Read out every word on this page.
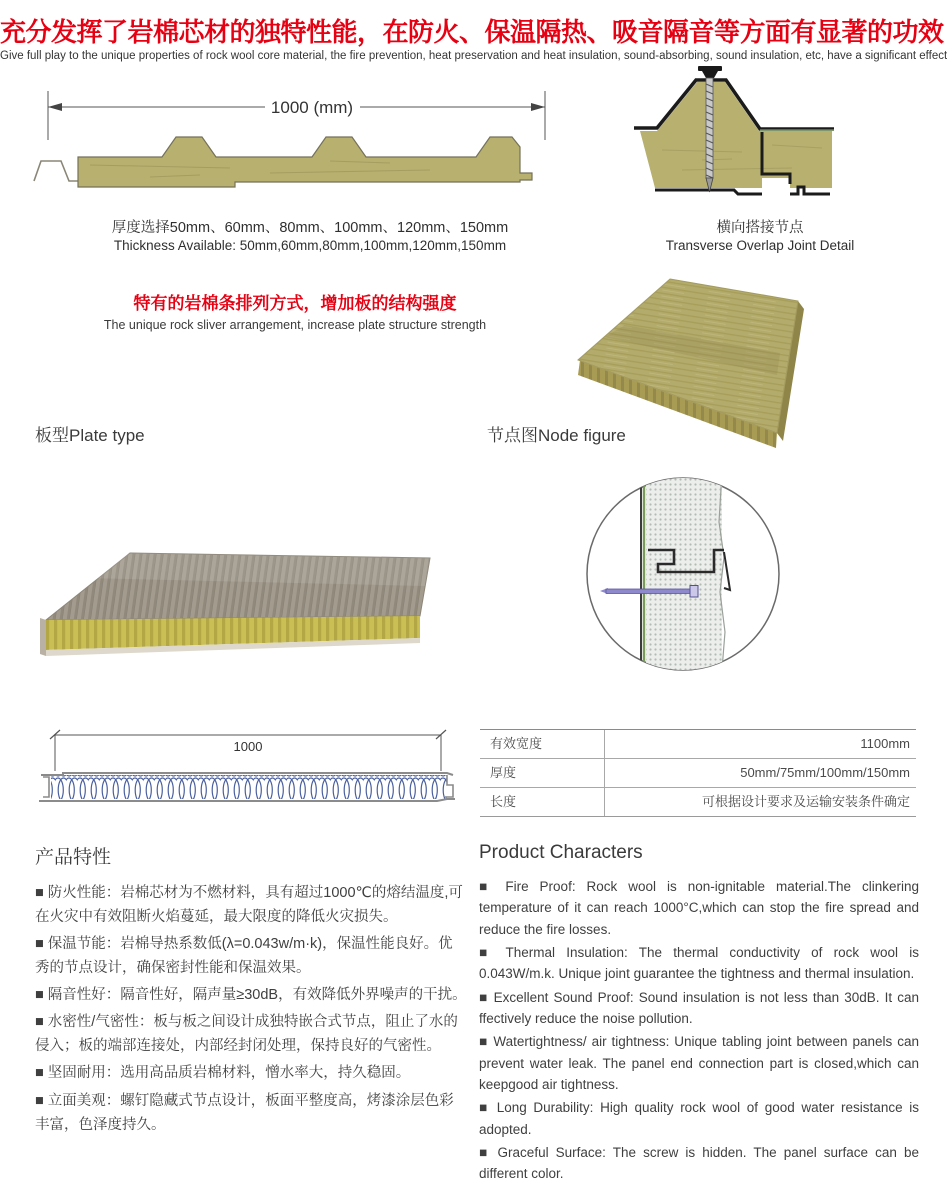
充分发挥了岩棉芯材的独特性能，在防火、保温隔热、吸音隔音等方面有显著的功效
Give full play to the unique properties of rock wool core material, the fire prevention, heat preservation and heat insulation, sound-absorbing, sound insulation, etc, have a significant effect
1000 (mm)
厚度选择50mm、60mm、80mm、100mm、120mm、150mm
Thickness Available: 50mm,60mm,80mm,100mm,120mm,150mm
横向搭接节点
Transverse Overlap Joint Detail
特有的岩棉条排列方式，增加板的结构强度
The unique rock sliver arrangement, increase plate structure strength
板型Plate type	节点图Node figure
1000	有效宽度	1100mm
厚度	50mm/75mm/100mm/150mm
长度	可根据设计要求及运输安装条件确定
产品特性
■ 防火性能：岩棉芯材为不燃材料，具有超过1000℃的熔结温度,可在火灾中有效阻断火焰蔓延，最大限度的降低火灾损失。
■ 保温节能：岩棉导热系数低(λ=0.043w/m·k)，保温性能良好。优秀的节点设计，确保密封性能和保温效果。
■ 隔音性好：隔音性好，隔声量≥30dB，有效降低外界噪声的干扰。
■ 水密性/气密性：板与板之间设计成独特嵌合式节点，阻止了水的侵入；板的端部连接处，内部经封闭处理，保持良好的气密性。
■ 坚固耐用：选用高品质岩棉材料，憎水率大，持久稳固。
■ 立面美观：螺钉隐藏式节点设计，板面平整度高，烤漆涂层色彩丰富，色泽度持久。
Product Characters
■ Fire Proof: Rock wool is non-ignitable material.The clinkering temperature of it can reach 1000°C,which can stop the fire spread and reduce the fire losses.
■ Thermal Insulation: The thermal conductivity of rock wool is 0.043W/m.k. Unique joint guarantee the tightness and thermal insulation.
■ Excellent Sound Proof: Sound insulation is not less than 30dB. It can ffectively reduce the noise pollution.
■ Watertightness/ air tightness: Unique tabling joint between panels can prevent water leak. The panel end connection part is closed,which can keepgood air tightness.
■ Long Durability: High quality rock wool of good water resistance is adopted.
■ Graceful Surface: The screw is hidden. The panel surface can be different color.
